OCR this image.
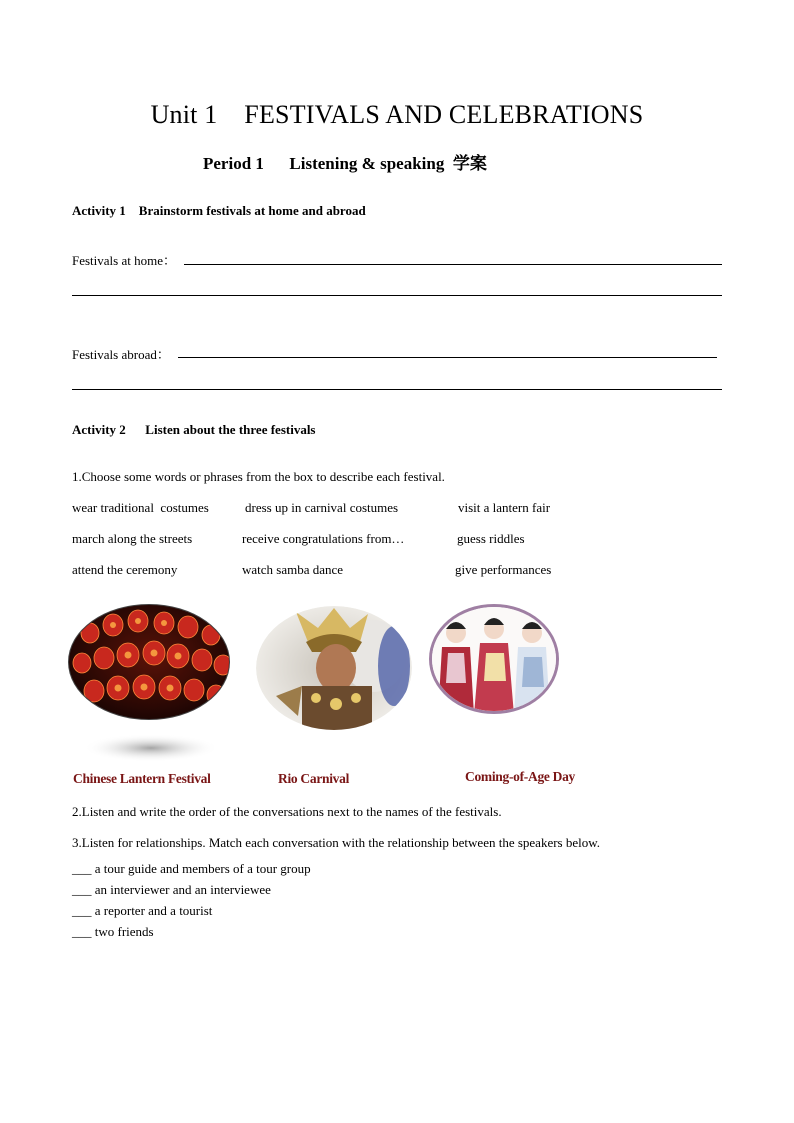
Unit 1    FESTIVALS AND CELEBRATIONS
Period 1      Listening & speaking  学案
Activity 1    Brainstorm festivals at home and abroad
Festivals at home：
Festivals abroad：
Activity 2      Listen about the three festivals
1.Choose some words or phrases from the box to describe each festival.
wear traditional  costumes	dress up in carnival costumes	visit a lantern fair
march along the streets	receive congratulations from…	guess riddles
attend the ceremony	watch samba dance	give performances
Chinese Lantern Festival	Rio Carnival	Coming-of-Age Day
2.Listen and write the order of the conversations next to the names of the festivals.
3.Listen for relationships. Match each conversation with the relationship between the speakers below.
___ a tour guide and members of a tour group
___ an interviewer and an interviewee
___ a reporter and a tourist
___ two friends
